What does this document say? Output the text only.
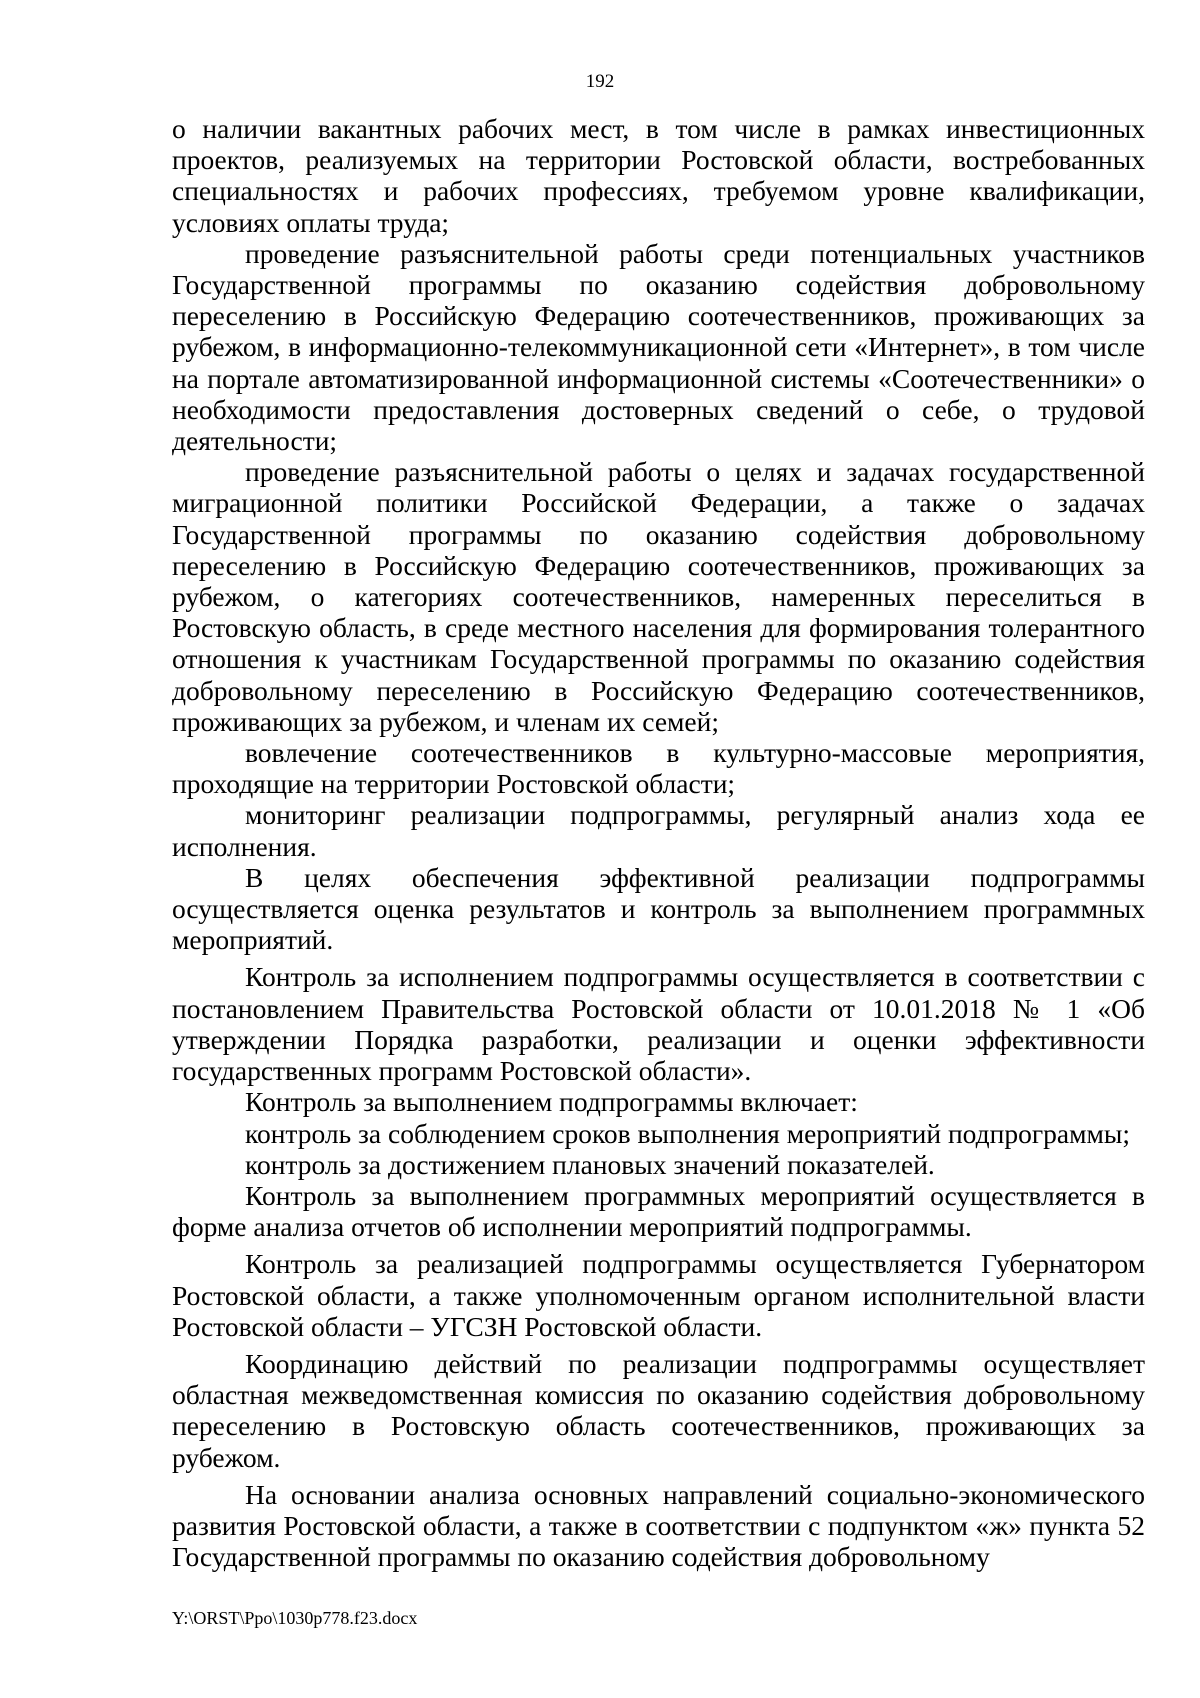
192

о наличии вакантных рабочих мест, в том числе в рамках инвестиционных проектов, реализуемых на территории Ростовской области, востребованных специальностях и рабочих профессиях, требуемом уровне квалификации, условиях оплаты труда;

проведение разъяснительной работы среди потенциальных участников Государственной программы по оказанию содействия добровольному переселению в Российскую Федерацию соотечественников, проживающих за рубежом, в информационно-телекоммуникационной сети «Интернет», в том числе на портале автоматизированной информационной системы «Соотечественники» о необходимости предоставления достоверных сведений о себе, о трудовой деятельности;

проведение разъяснительной работы о целях и задачах государственной миграционной политики Российской Федерации, а также о задачах Государственной программы по оказанию содействия добровольному переселению в Российскую Федерацию соотечественников, проживающих за рубежом, о категориях соотечественников, намеренных переселиться в Ростовскую область, в среде местного населения для формирования толерантного отношения к участникам Государственной программы по оказанию содействия добровольному переселению в Российскую Федерацию соотечественников, проживающих за рубежом, и членам их семей;

вовлечение соотечественников в культурно-массовые мероприятия, проходящие на территории Ростовской области;

мониторинг реализации подпрограммы, регулярный анализ хода ее исполнения.

В целях обеспечения эффективной реализации подпрограммы осуществляется оценка результатов и контроль за выполнением программных мероприятий.

Контроль за исполнением подпрограммы осуществляется в соответствии с постановлением Правительства Ростовской области от 10.01.2018 № 1 «Об утверждении Порядка разработки, реализации и оценки эффективности государственных программ Ростовской области».

Контроль за выполнением подпрограммы включает:

контроль за соблюдением сроков выполнения мероприятий подпрограммы;

контроль за достижением плановых значений показателей.

Контроль за выполнением программных мероприятий осуществляется в форме анализа отчетов об исполнении мероприятий подпрограммы.

Контроль за реализацией подпрограммы осуществляется Губернатором Ростовской области, а также уполномоченным органом исполнительной власти Ростовской области – УГСЗН Ростовской области.

Координацию действий по реализации подпрограммы осуществляет областная межведомственная комиссия по оказанию содействия добровольному переселению в Ростовскую область соотечественников, проживающих за рубежом.

На основании анализа основных направлений социально-экономического развития Ростовской области, а также в соответствии с подпунктом «ж» пункта 52 Государственной программы по оказанию содействия добровольному

Y:\ORST\Ppo\1030p778.f23.docx
